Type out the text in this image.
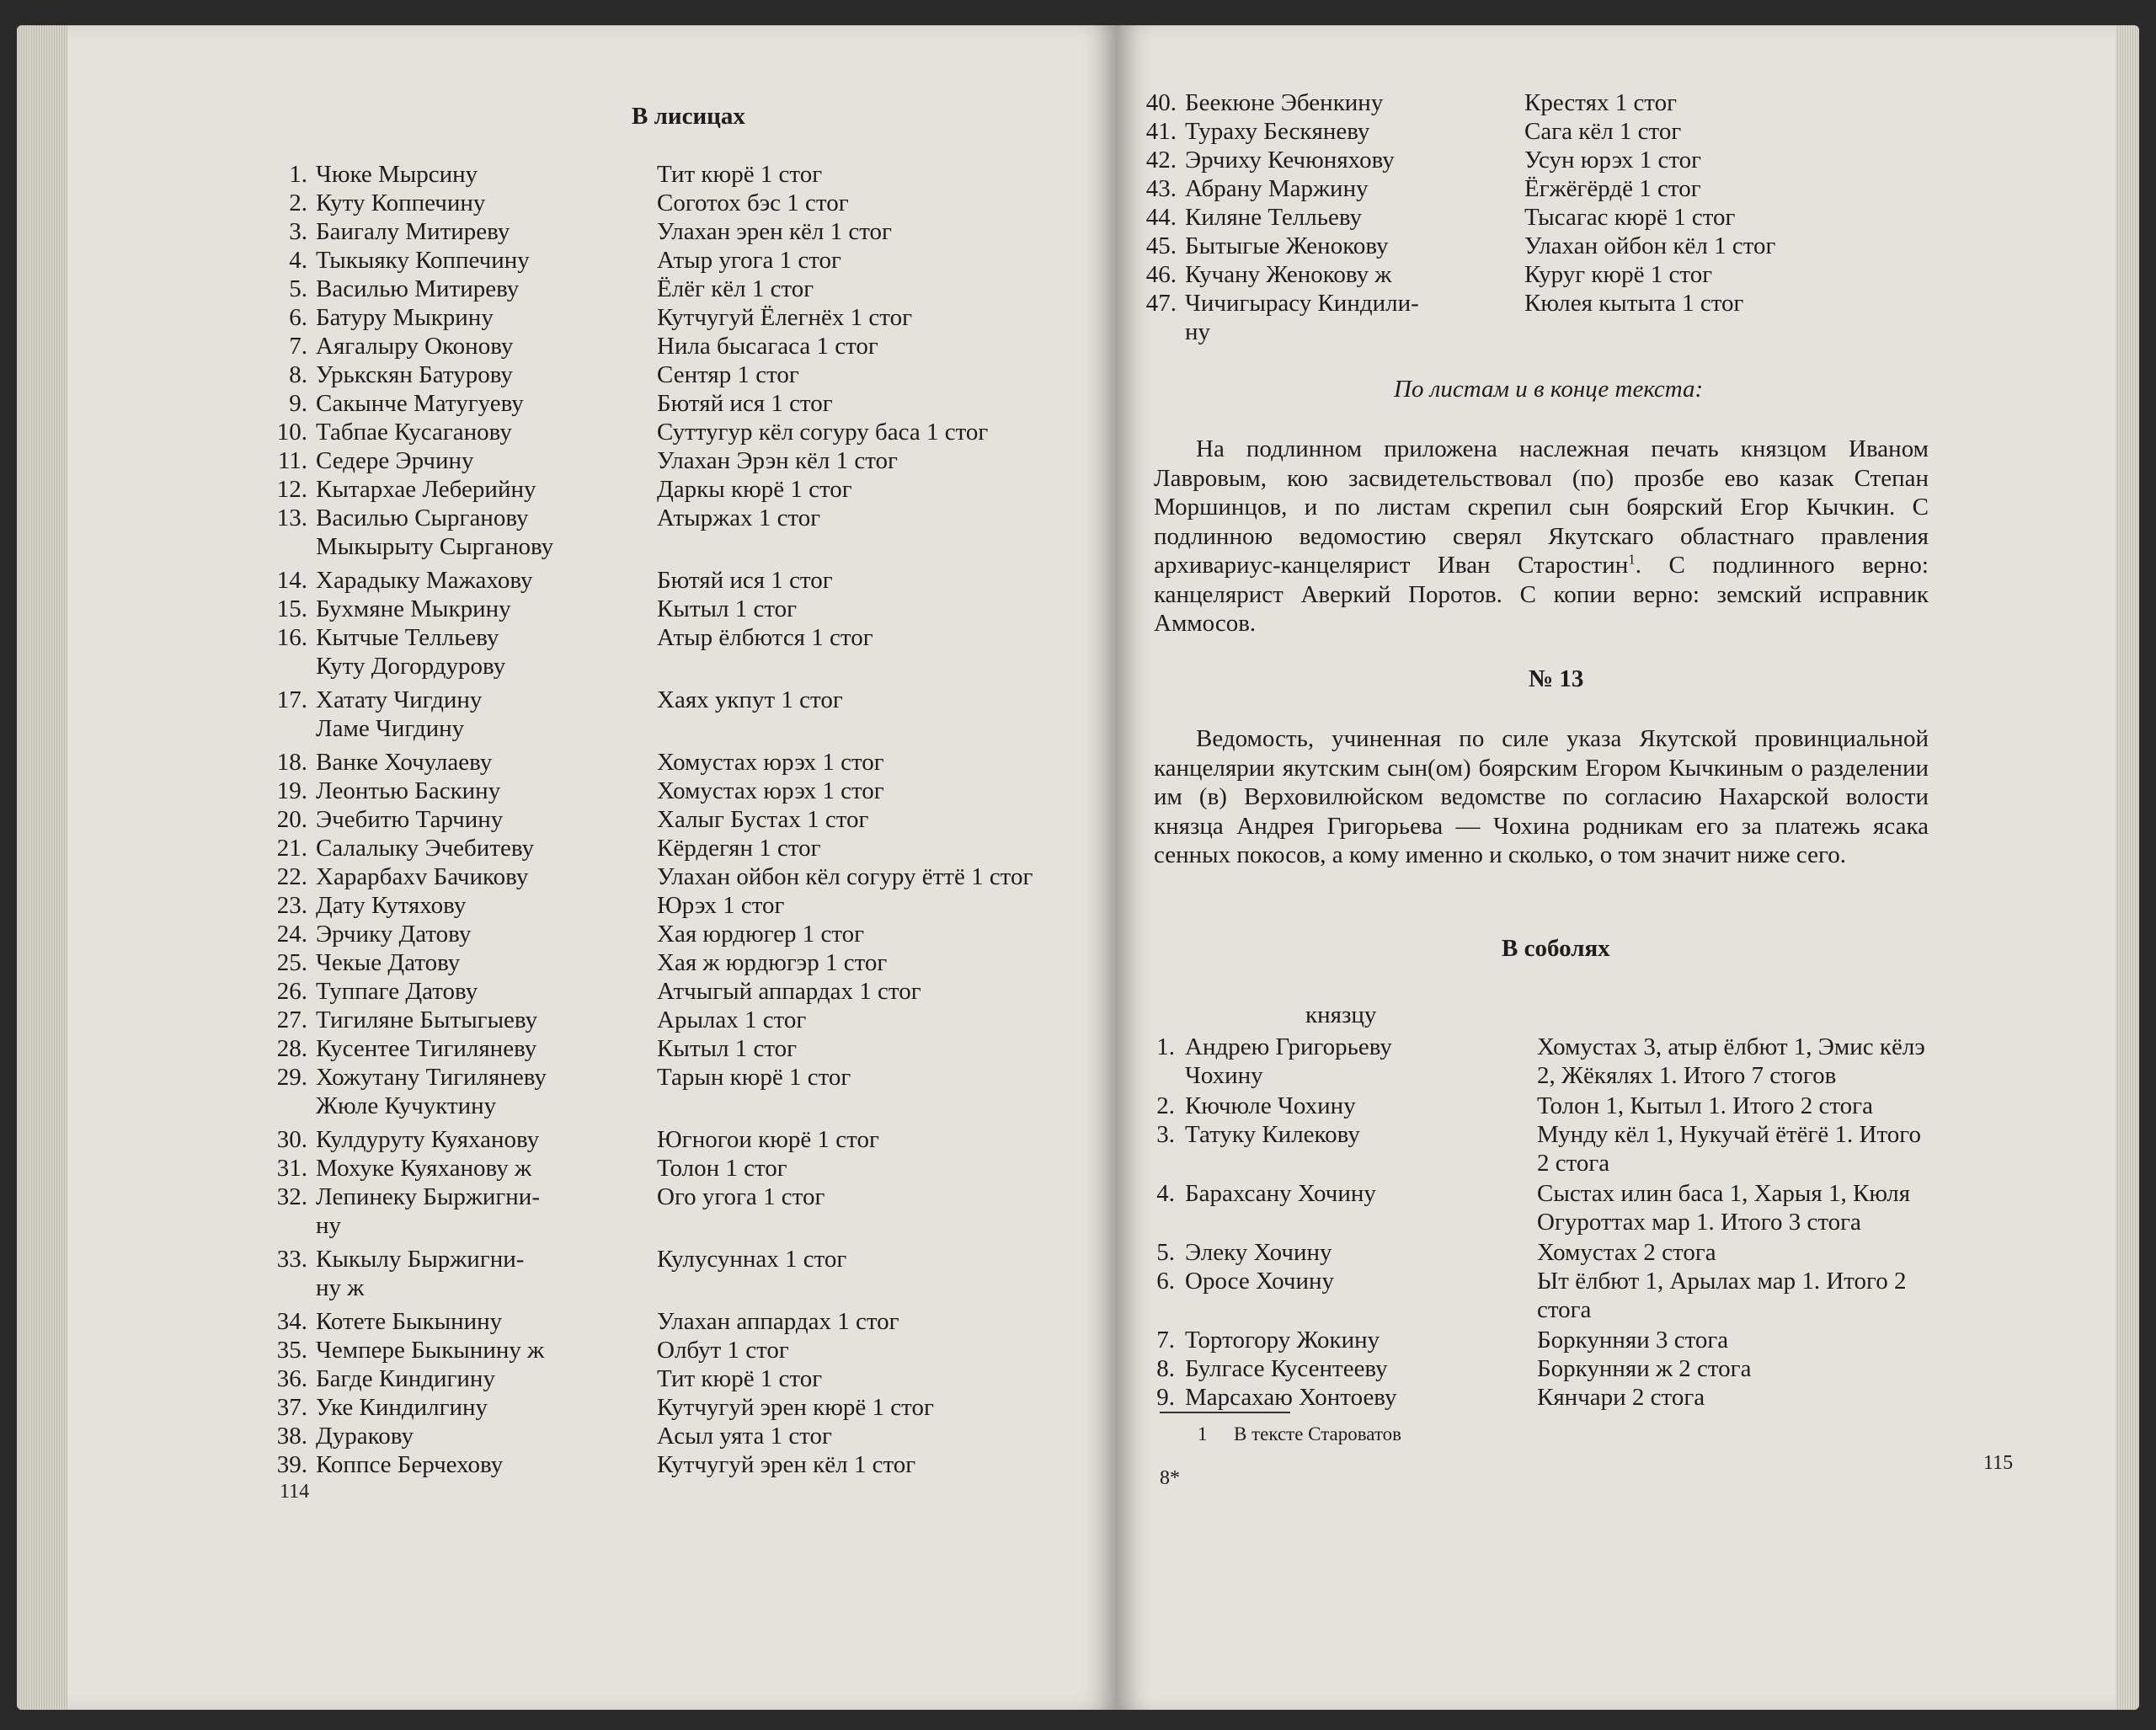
В лисицах
1. Чюке Мырсину	Тит кюрё 1 стог
2. Куту Коппечину	Соготох бэс 1 стог
3. Баигалу Митиреву	Улахан эрен кёл 1 стог
4. Тыкыяку Коппечину	Атыр угога 1 стог
5. Василью Митиреву	Ёлёг кёл 1 стог
6. Батуру Мыкрину	Кутчугуй Ёлегнёх 1 стог
7. Аягалыру Оконову	Нила бысагаса 1 стог
8. Урькскян Батурову	Сентяр 1 стог
9. Сакынче Матугуеву	Бютяй ися 1 стог
10. Табпае Кусаганову	Суттугур кёл согуру баса 1 стог
11. Седере Эрчину	Улахан Эрэн кёл 1 стог
12. Кытархае Леберийну	Даркы кюрё 1 стог
13. Василью Сырганову	Атыржах 1 стог
Мыкырыту Сырганову
14. Харадыку Мажахову	Бютяй ися 1 стог
15. Бухмяне Мыкрину	Кытыл 1 стог
16. Кытчые Телльеву	Атыр ёлбются 1 стог
Куту Догордурову
17. Хатату Чигдину	Хаях укпут 1 стог
Ламе Чигдину
18. Ванке Хочулаеву	Хомустах юрэх 1 стог
19. Леонтью Баскину	Хомустах юрэх 1 стог
20. Эчебитю Тарчину	Халыг Бустах 1 стог
21. Салалыку Эчебитеву	Кёрдегян 1 стог
22. Харарбахv Бачикову	Улахан ойбон кёл согуру ёттё 1 стог
23. Дату Кутяхову	Юрэх 1 стог
24. Эрчику Датову	Хая юрдюгер 1 стог
25. Чекые Датову	Хая ж юрдюгэр 1 стог
26. Туппаге Датову	Атчыгый аппардах 1 стог
27. Тигиляне Бытыгыеву	Арылах 1 стог
28. Кусентее Тигиляневу	Кытыл 1 стог
29. Хожутану Тигиляневу	Тарын кюрё 1 стог
Жюле Кучуктину
30. Кулдуруту Куяханову	Югногои кюрё 1 стог
31. Мохуке Куяханову ж	Толон 1 стог
32. Лепинеку Быржигни-	Ого угога 1 стог
ну
33. Кыкылу Быржигни-	Кулусуннах 1 стог
ну ж
34. Котете Быкынину	Улахан аппардах 1 стог
35. Чемпере Быкынину ж	Олбут 1 стог
36. Багде Киндигину	Тит кюрё 1 стог
37. Уке Киндилгину	Кутчугуй эрен кюрё 1 стог
38. Дуракову	Асыл уята 1 стог
39. Коппсе Берчехову	Кутчугуй эрен кёл 1 стог
114
40. Беекюне Эбенкину	Крестях 1 стог
41. Тураху Бескяневу	Сага кёл 1 стог
42. Эрчиху Кечюняхову	Усун юрэх 1 стог
43. Абрану Маржину	Ёгжёгёрдё 1 стог
44. Киляне Телльеву	Тысагас кюрё 1 стог
45. Бытыгые Женокову	Улахан ойбон кёл 1 стог
46. Кучану Женокову ж	Куруг кюрё 1 стог
47. Чичигырасу Киндили-	Кюлея кытыта 1 стог
ну
По листам и в конце текста:
На подлинном приложена наслежная печать князцом Иваном Лавровым, кою засвидетельствовал (по) прозбе ево казак Степан Моршинцов, и по листам скрепил сын боярский Егор Кычкин. С подлинною ведомостию сверял Якутскаго областнаго правления архивариус-канцелярист Иван Старостин$^1$. С подлинного верно: канцелярист Аверкий Поротов. С копии верно: земский исправник Аммосов.
№ 13
Ведомость, учиненная по силе указа Якутской провинциальной канцелярии якутским сын(ом) боярским Егором Кычкиным о разделении им (в) Верховилюйском ведомстве по согласию Нахарской волости князца Андрея Григорьева — Чохина родникам его за платежь ясака сенных покосов, а кому именно и сколько, о том значит ниже сего.
В соболях
князцу
1. Андрею Григорьеву	Хомустах 3, атыр ёлбют 1, Эмис кёлэ
Чохину	2, Жёкялях 1. Итого 7 стогов
2. Кючюле Чохину	Толон 1, Кытыл 1. Итого 2 стога
3. Татуку Килекову	Мунду кёл 1, Нукучай ётёгё 1. Итого
2 стога
4. Барахсану Хочину	Сыстах илин баса 1, Харыя 1, Кюля
Огуроттах мар 1. Итого 3 стога
5. Элеку Хочину	Хомустах 2 стога
6. Оросе Хочину	Ыт ёлбют 1, Арылах мар 1. Итого 2
стога
7. Тортогору Жокину	Боркунняи 3 стога
8. Булгасе Кусентееву	Боркунняи ж 2 стога
9. Марсахаю Хонтоеву	Кянчари 2 стога
1 В тексте Староватов
8*
115
